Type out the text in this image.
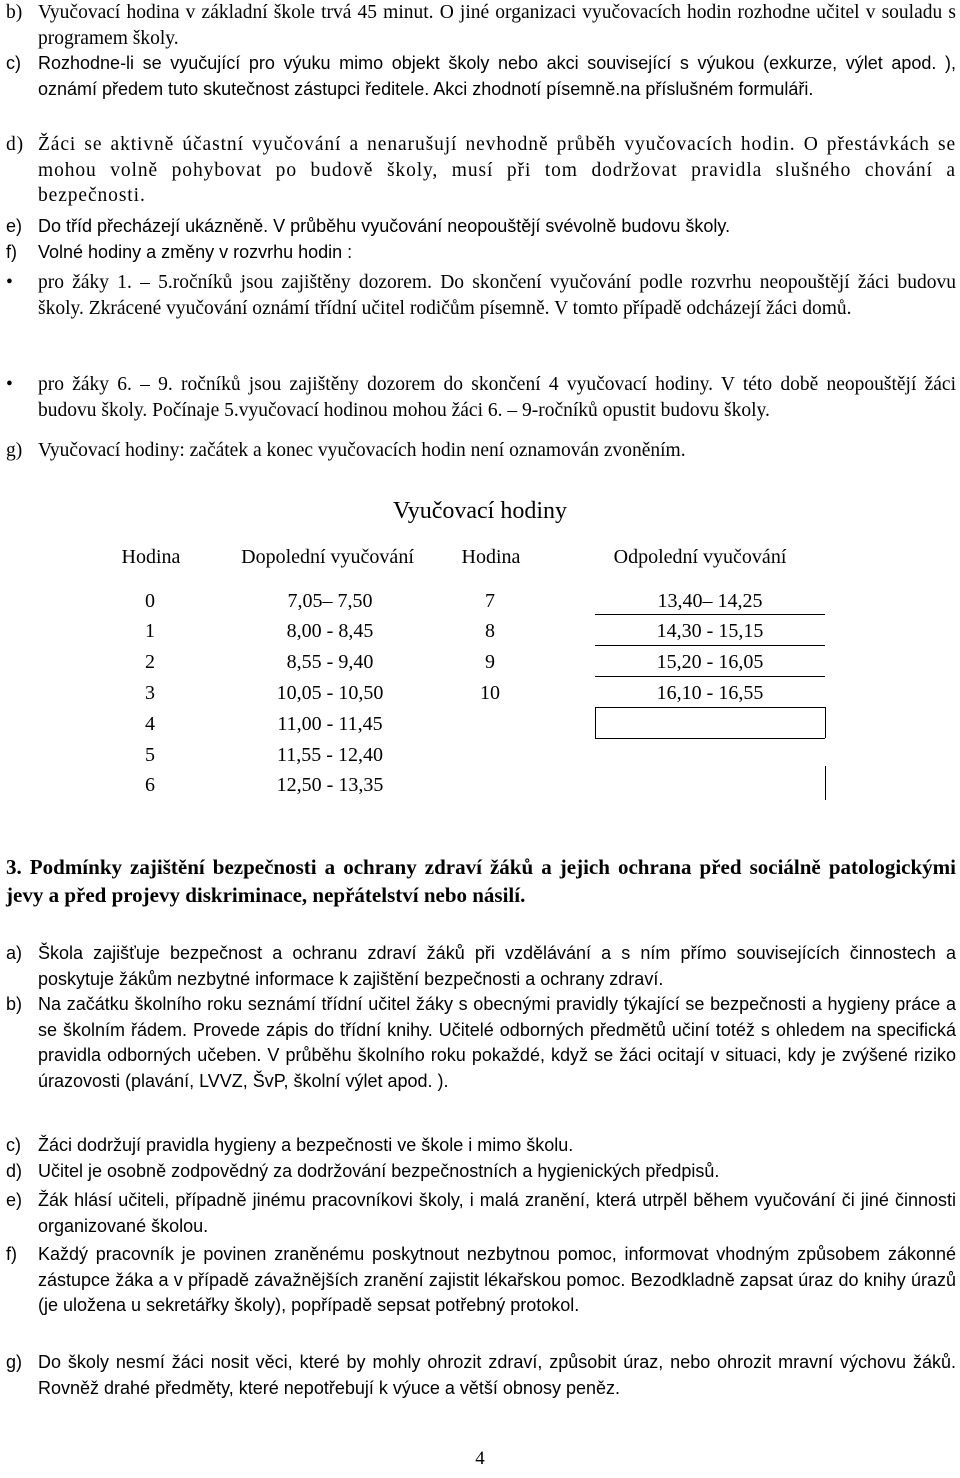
b) Vyučovací hodina v základní škole trvá 45 minut. O jiné organizaci vyučovacích hodin rozhodne učitel v souladu s programem školy.
c) Rozhodne-li se vyučující pro výuku mimo objekt školy nebo akci související s výukou (exkurze, výlet apod. ), oznámí předem tuto skutečnost zástupci ředitele. Akci zhodnotí písemně.na příslušném formuláři.
d) Žáci se aktivně účastní vyučování a nenarušují nevhodně průběh vyučovacích hodin. O přestávkách se mohou volně pohybovat po budově školy, musí při tom dodržovat pravidla slušného chování a bezpečnosti.
e) Do tříd přecházejí ukázněně. V průběhu vyučování neopouštějí svévolně budovu školy.
f) Volné hodiny a změny v rozvrhu hodin :
• pro žáky 1. – 5.ročníků jsou zajištěny dozorem. Do skončení vyučování podle rozvrhu neopouštějí žáci budovu školy. Zkrácené vyučování oznámí třídní učitel rodičům písemně. V tomto případě odcházejí žáci domů.
• pro žáky 6. – 9. ročníků jsou zajištěny dozorem do skončení 4 vyučovací hodiny. V této době neopouštějí žáci budovu školy. Počínaje 5.vyučovací hodinou mohou žáci 6. – 9-ročníků opustit budovu školy.
g) Vyučovací hodiny: začátek a konec vyučovacích hodin není oznamován zvoněním.
Vyučovací hodiny
Hodina	Dopolední vyučování	Hodina	Odpolední vyučování
0	7,05– 7,50	7	13,40– 14,25
1	8,00 - 8,45	8	14,30 - 15,15
2	8,55 - 9,40	9	15,20 - 16,05
3	10,05 - 10,50	10	16,10 - 16,55
4	11,00 - 11,45
5	11,55 - 12,40
6	12,50 - 13,35
3. Podmínky zajištění bezpečnosti a ochrany zdraví žáků a jejich ochrana před sociálně patologickými jevy a před projevy diskriminace, nepřátelství nebo násilí.
a) Škola zajišťuje bezpečnost a ochranu zdraví žáků při vzdělávání a s ním přímo souvisejících činnostech a poskytuje žákům nezbytné informace k zajištění bezpečnosti a ochrany zdraví.
b) Na začátku školního roku seznámí třídní učitel žáky s obecnými pravidly týkající se bezpečnosti a hygieny práce a se školním řádem. Provede zápis do třídní knihy. Učitelé odborných předmětů učiní totéž s ohledem na specifická pravidla odborných učeben. V průběhu školního roku pokaždé, když se žáci ocitají v situaci, kdy je zvýšené riziko úrazovosti (plavání, LVVZ, ŠvP, školní výlet apod. ).
c) Žáci dodržují pravidla hygieny a bezpečnosti ve škole i mimo školu.
d) Učitel je osobně zodpovědný za dodržování bezpečnostních a hygienických předpisů.
e) Žák hlásí učiteli, případně jinému pracovníkovi školy, i malá zranění, která utrpěl během vyučování či jiné činnosti organizované školou.
f) Každý pracovník je povinen zraněnému poskytnout nezbytnou pomoc, informovat vhodným způsobem zákonné zástupce žáka a v případě závažnějších zranění zajistit lékařskou pomoc. Bezodkladně zapsat úraz do knihy úrazů (je uložena u sekretářky školy), popřípadě sepsat potřebný protokol.
g) Do školy nesmí žáci nosit věci, které by mohly ohrozit zdraví, způsobit úraz, nebo ohrozit mravní výchovu žáků. Rovněž drahé předměty, které nepotřebují k výuce a větší obnosy peněz.
4
